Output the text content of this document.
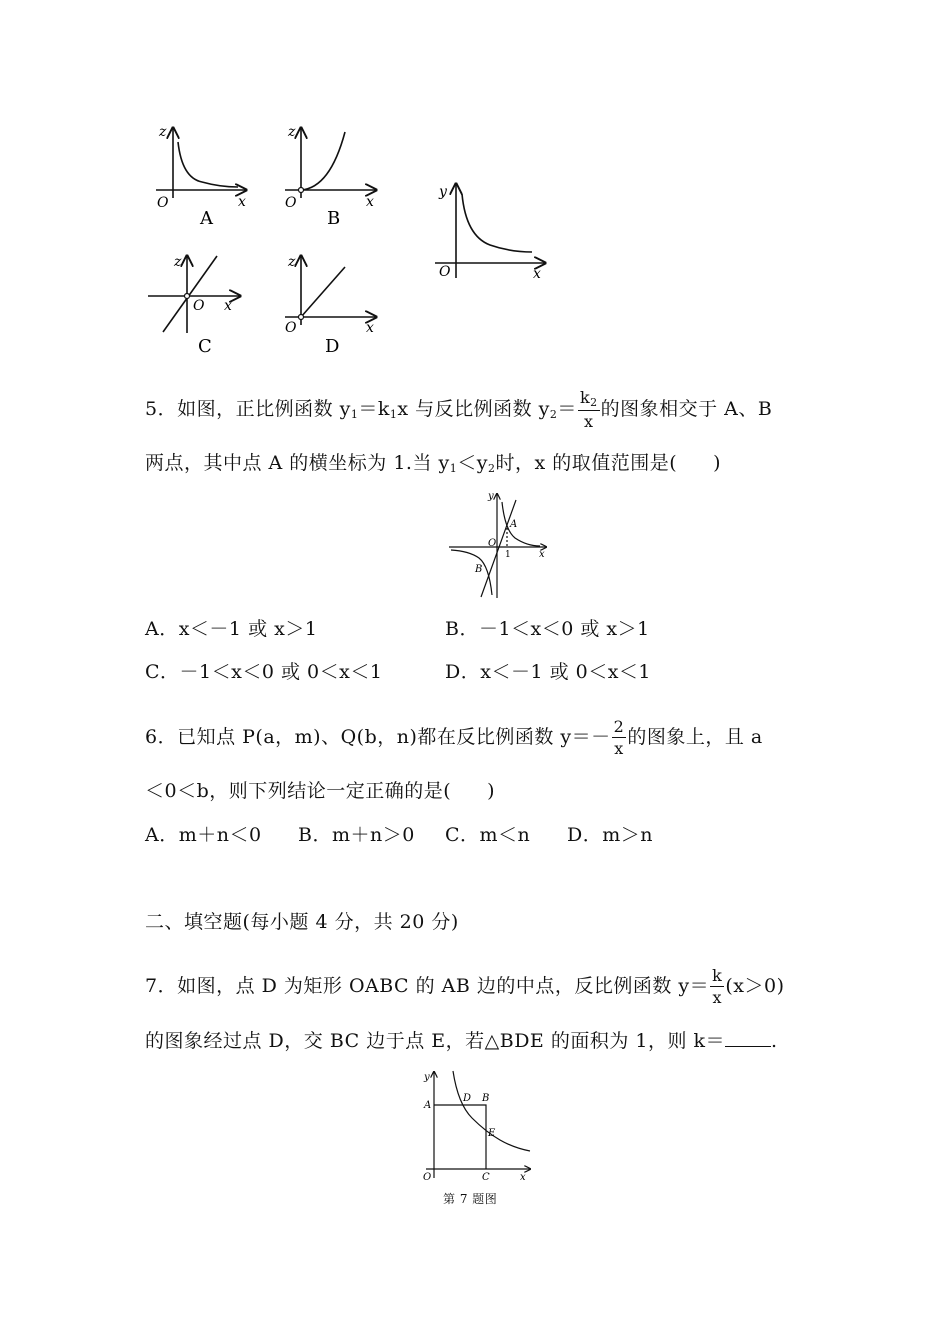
z
x
O
A
z
x
O
B
z
x
O
C
z
x
O
D
y
x
O
5．如图，正比例函数 $y_1=k_1x$ 与反比例函数 $y_2= \frac{k_2}{x}$ 的图象相交于 A、B
两点，其中点 A 的横坐标为 1.当 $y_1<y_2$时，x 的取值范围是( )
y
x
O
A
B
1
A．x＜－1 或 x＞1	B．－1＜x＜0 或 x＞1
C．－1＜x＜0 或 0＜x＜1	D．x＜－1 或 0＜x＜1
6．已知点 P(a，m)、Q(b，n)都在反比例函数 $y=- \frac{2}{x}$ 的图象上，且 a
＜0＜b，则下列结论一定正确的是( )
A．m＋n＜0 B．m＋n＞0 C．m＜n D．m＞n
二、填空题(每小题 4 分，共 20 分)
7．如图，点 D 为矩形 OABC 的 AB 边的中点，反比例函数 $y= \frac{k}{x} (x>0)$
的图象经过点 D，交 BC 边于点 E，若△BDE 的面积为 1，则 k＝ .
y
x
O
A
D B
E
C
第 7 题图
